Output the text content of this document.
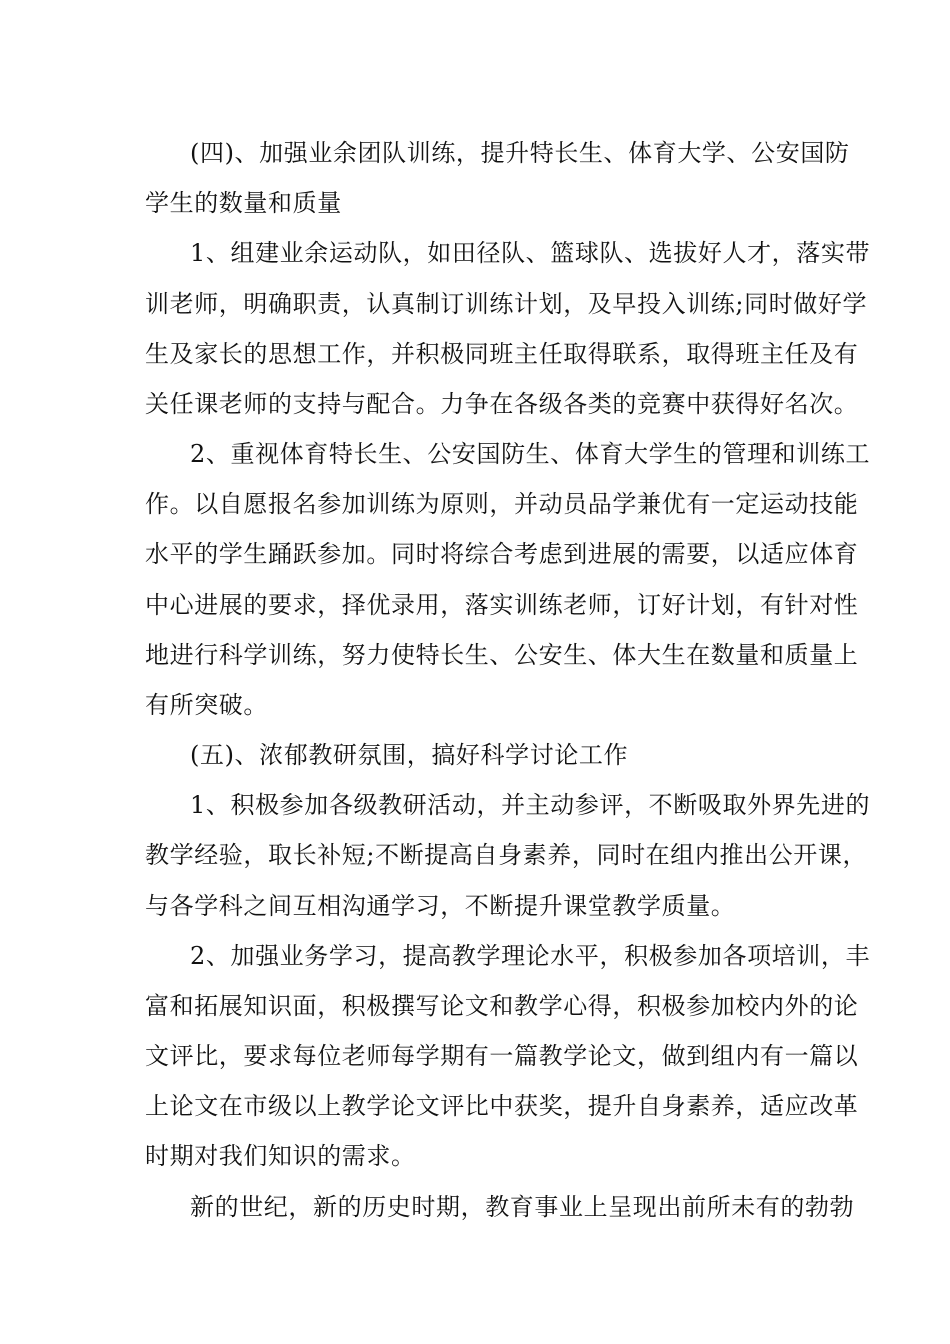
(四)、加强业余团队训练，提升特长生、体育大学、公安国防
学生的数量和质量
1、组建业余运动队，如田径队、篮球队、选拔好人才，落实带
训老师，明确职责，认真制订训练计划，及早投入训练;同时做好学
生及家长的思想工作，并积极同班主任取得联系，取得班主任及有
关任课老师的支持与配合。力争在各级各类的竞赛中获得好名次。
2、重视体育特长生、公安国防生、体育大学生的管理和训练工
作。以自愿报名参加训练为原则，并动员品学兼优有一定运动技能
水平的学生踊跃参加。同时将综合考虑到进展的需要，以适应体育
中心进展的要求，择优录用，落实训练老师，订好计划，有针对性
地进行科学训练，努力使特长生、公安生、体大生在数量和质量上
有所突破。
(五)、浓郁教研氛围，搞好科学讨论工作
1、积极参加各级教研活动，并主动参评，不断吸取外界先进的
教学经验，取长补短;不断提高自身素养，同时在组内推出公开课，
与各学科之间互相沟通学习，不断提升课堂教学质量。
2、加强业务学习，提高教学理论水平，积极参加各项培训，丰
富和拓展知识面，积极撰写论文和教学心得，积极参加校内外的论
文评比，要求每位老师每学期有一篇教学论文，做到组内有一篇以
上论文在市级以上教学论文评比中获奖，提升自身素养，适应改革
时期对我们知识的需求。
新的世纪，新的历史时期，教育事业上呈现出前所未有的勃勃
